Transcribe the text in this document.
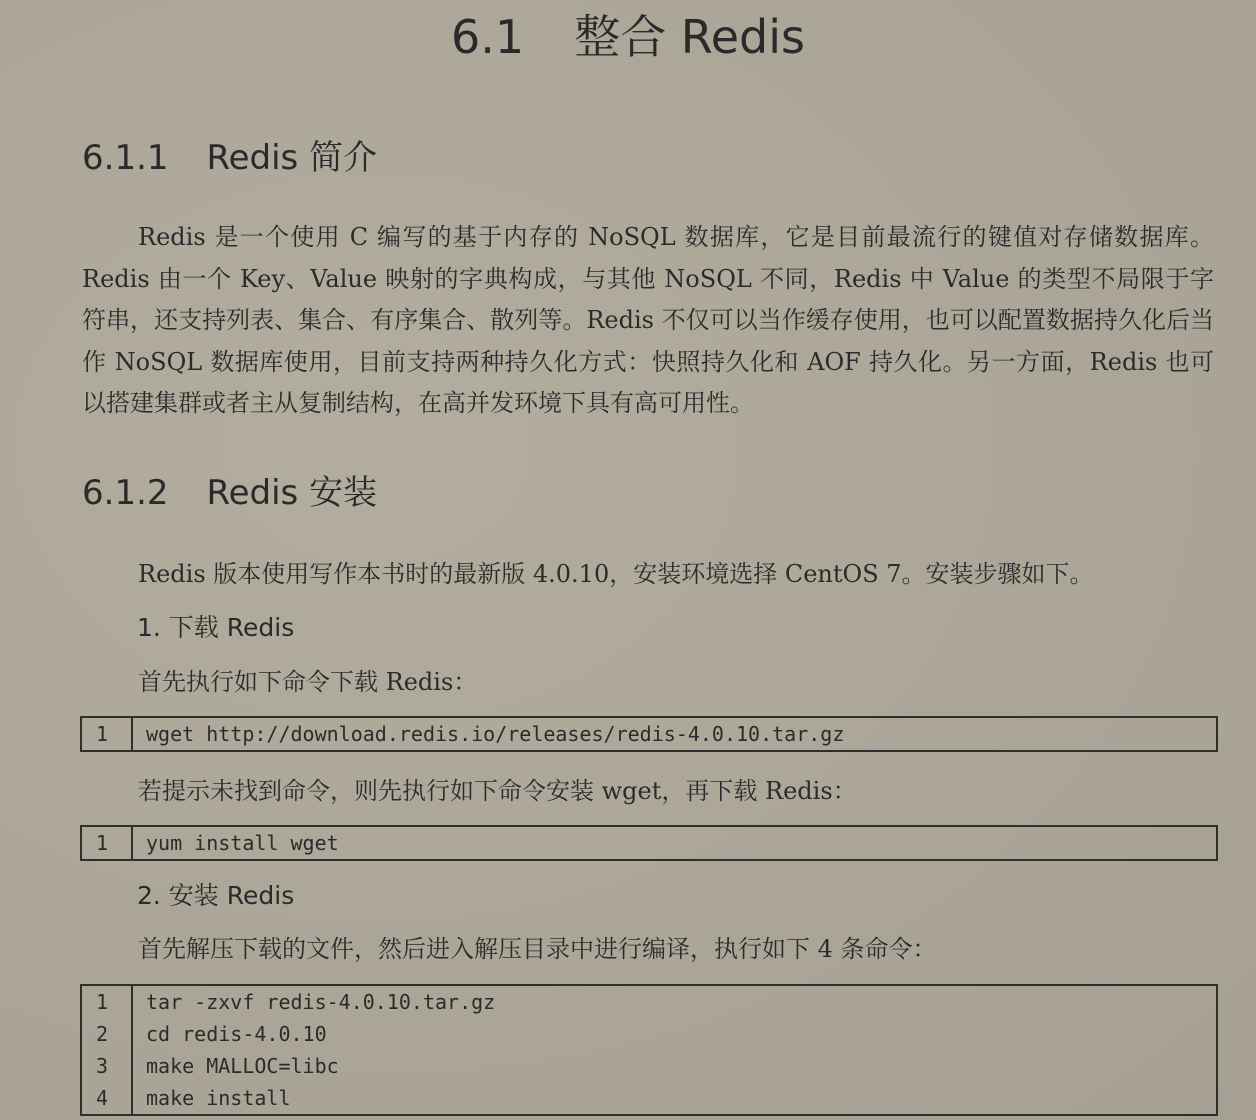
6.1 整合 Redis
6.1.1 Redis 简介
Redis 是一个使用 C 编写的基于内存的 NoSQL 数据库，它是目前最流行的键值对存储数据库。Redis 由一个 Key、Value 映射的字典构成，与其他 NoSQL 不同，Redis 中 Value 的类型不局限于字符串，还支持列表、集合、有序集合、散列等。Redis 不仅可以当作缓存使用，也可以配置数据持久化后当作 NoSQL 数据库使用，目前支持两种持久化方式：快照持久化和 AOF 持久化。另一方面，Redis 也可以搭建集群或者主从复制结构，在高并发环境下具有高可用性。
6.1.2 Redis 安装
Redis 版本使用写作本书时的最新版 4.0.10，安装环境选择 CentOS 7。安装步骤如下。
1. 下载 Redis
首先执行如下命令下载 Redis：
1	wget http://download.redis.io/releases/redis-4.0.10.tar.gz
若提示未找到命令，则先执行如下命令安装 wget，再下载 Redis：
1	yum install wget
2. 安装 Redis
首先解压下载的文件，然后进入解压目录中进行编译，执行如下 4 条命令：
1	tar -zxvf redis-4.0.10.tar.gz
2	cd redis-4.0.10
3	make MALLOC=libc
4	make install
